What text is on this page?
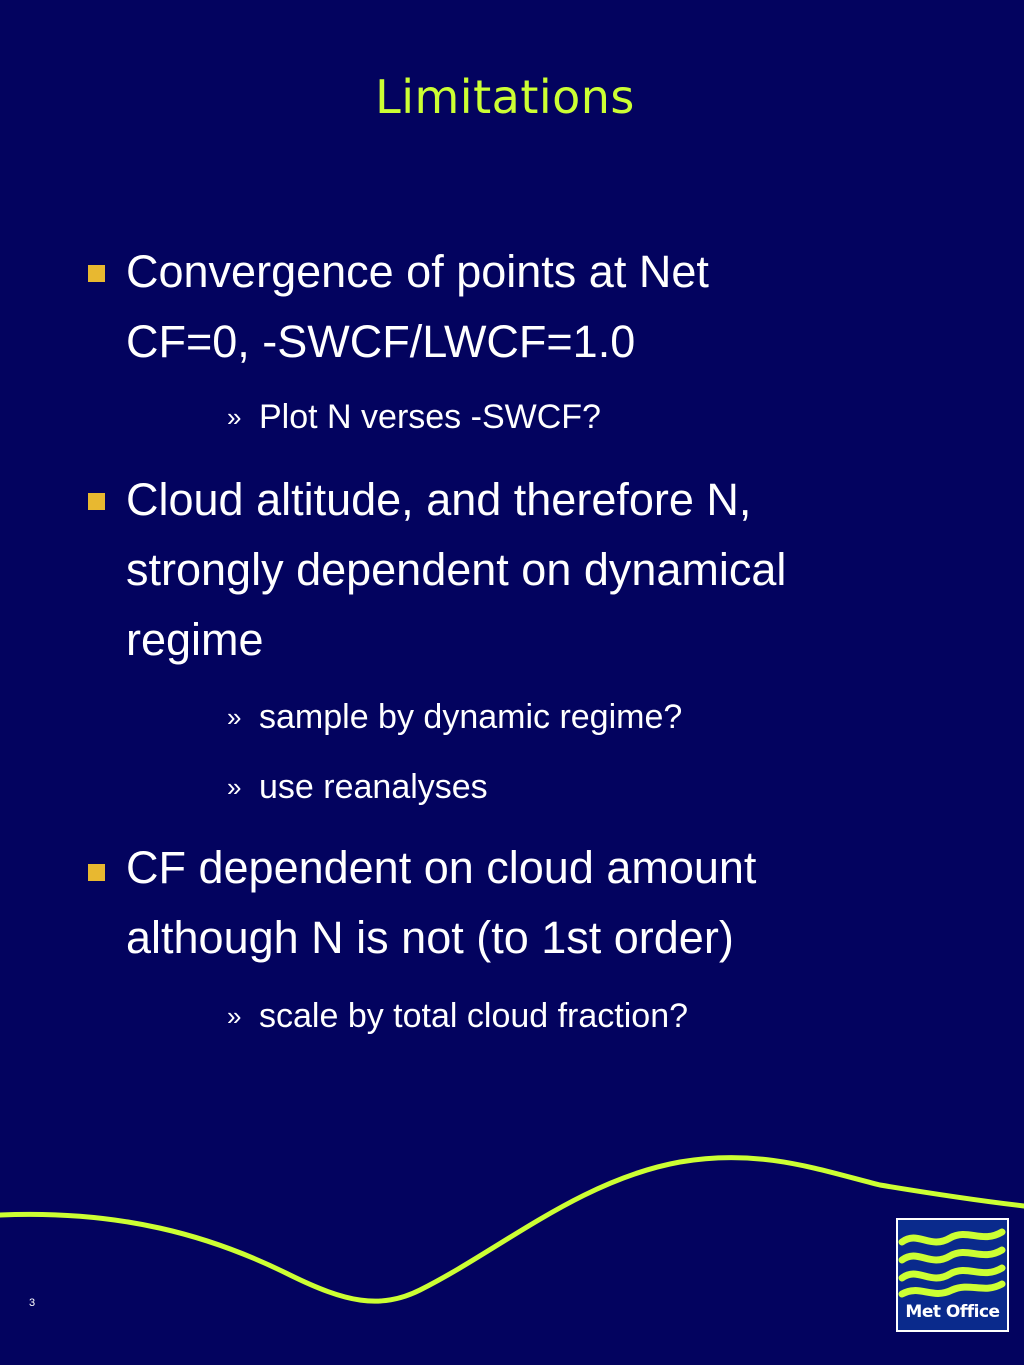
Limitations
Convergence of points at Net
CF=0, -SWCF/LWCF=1.0
» Plot N verses -SWCF?
Cloud altitude, and therefore N,
strongly dependent on dynamical
regime
» sample by dynamic regime?
» use reanalyses
CF dependent on cloud amount
although N is not (to 1st order)
» scale by total cloud fraction?
3	Met Office
